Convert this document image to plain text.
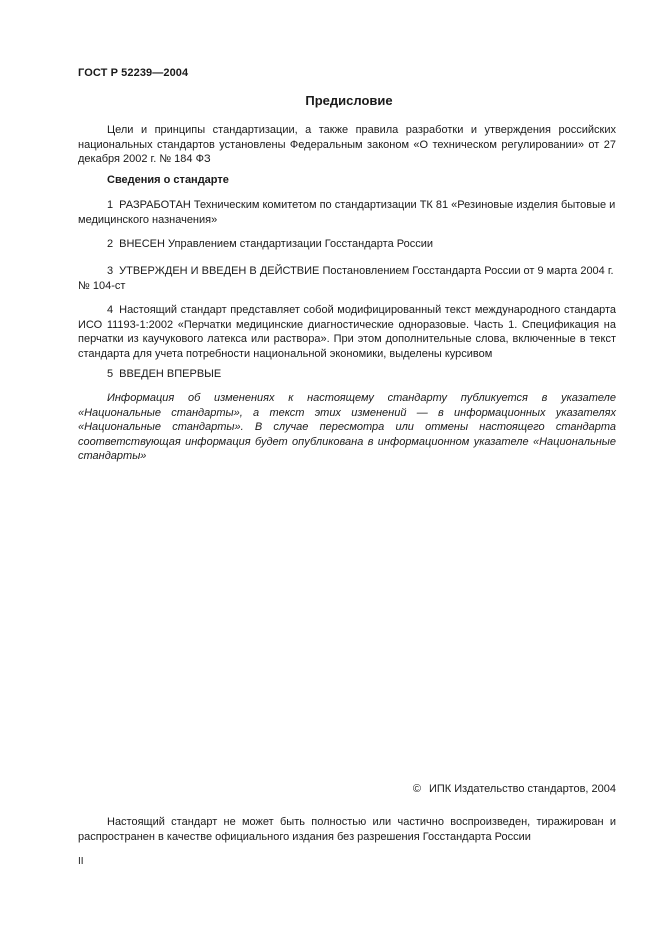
ГОСТ Р 52239—2004
Предисловие

Цели и принципы стандартизации, а также правила разработки и утверждения российских национальных стандартов установлены Федеральным законом «О техническом регулировании» от 27 декабря 2002 г. № 184 ФЗ

Сведения о стандарте

1 РАЗРАБОТАН Техническим комитетом по стандартизации ТК 81 «Резиновые изделия бытовые и медицинского назначения»

2 ВНЕСЕН Управлением стандартизации Госстандарта России

3 УТВЕРЖДЕН И ВВЕДЕН В ДЕЙСТВИЕ Постановлением Госстандарта России от 9 марта 2004 г. № 104-ст

4 Настоящий стандарт представляет собой модифицированный текст международного стандарта ИСО 11193-1:2002 «Перчатки медицинские диагностические одноразовые. Часть 1. Спецификация на перчатки из каучукового латекса или раствора». При этом дополнительные слова, включенные в текст стандарта для учета потребности национальной экономики, выделены курсивом

5 ВВЕДЕН ВПЕРВЫЕ

Информация об изменениях к настоящему стандарту публикуется в указателе «Национальные стандарты», а текст этих изменений — в информационных указателях «Национальные стандарты». В случае пересмотра или отмены настоящего стандарта соответствующая информация будет опубликована в информационном указателе «Национальные стандарты»

© ИПК Издательство стандартов, 2004

Настоящий стандарт не может быть полностью или частично воспроизведен, тиражирован и распространен в качестве официального издания без разрешения Госстандарта России

II
